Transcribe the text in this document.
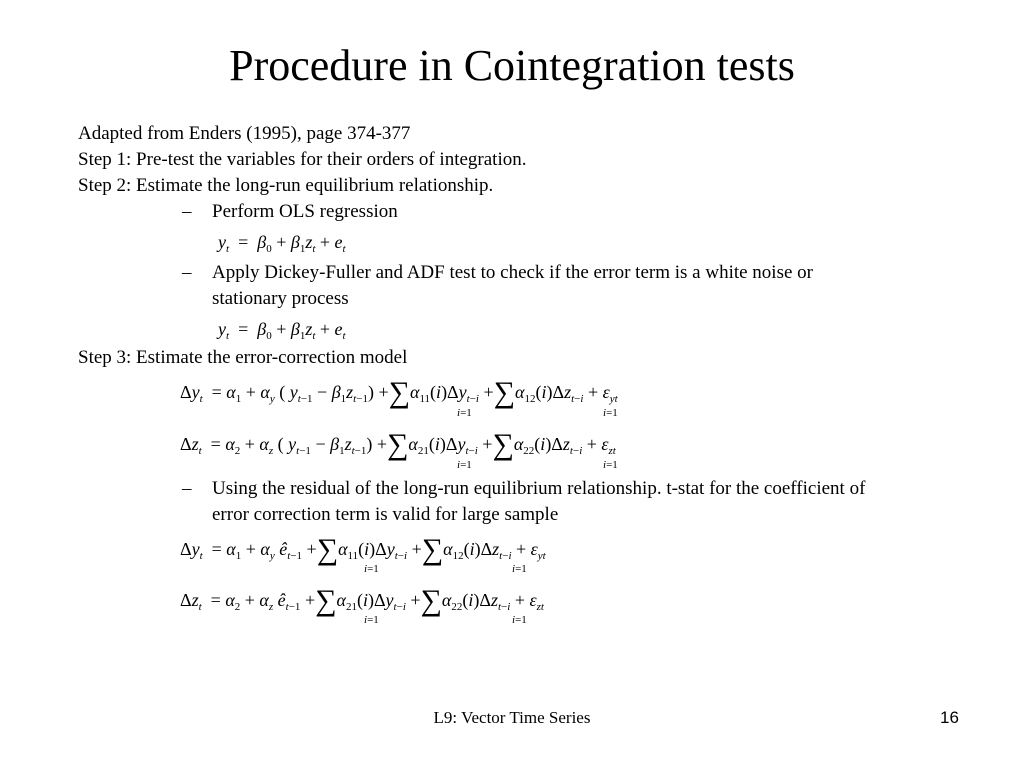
Procedure in Cointegration tests
Adapted from Enders (1995), page 374-377
Step 1: Pre-test the variables for their orders of integration.
Step 2: Estimate the long-run equilibrium relationship.
– Perform OLS regression
$y_t = \beta_0 + \beta_1z_t + e_t$
– Apply Dickey-Fuller and ADF test to check if the error term is a white noise or stationary process
$y_t = \beta_0 + \beta_1z_t + e_t$
Step 3: Estimate the error-correction model
$\Delta y_t = \alpha_1 + \alpha_y$ ( $y_{t-1} - \beta_1z_{t-1}) +\sum\alpha_{11}(i)\Delta y_{t-i} +\sum\alpha_{12}(i)\Delta z_{t-i} + \varepsilon_{yt}$
i=1	i=1
$\Delta z_t = \alpha_2 + \alpha_z$ ( $y_{t-1} - \beta_1z_{t-1}) +\sum\alpha_{21}(i)\Delta y_{t-i} +\sum\alpha_{22}(i)\Delta z_{t-i} + \varepsilon_{zt}$
i=1	i=1
– Using the residual of the long-run equilibrium relationship. t-stat for the coefficient of error correction term is valid for large sample
$\Delta y_t = \alpha_1 + \alpha_y$ $ê_{t-1} +\sum\alpha_{11}(i)\Delta y_{t-i} +\sum\alpha_{12}(i)\Delta z_{t-i} + \varepsilon_{yt}$
i=1	i=1
$\Delta z_t = \alpha_2 + \alpha_z$ $ê_{t-1} +\sum\alpha_{21}(i)\Delta y_{t-i} +\sum\alpha_{22}(i)\Delta z_{t-i} + \varepsilon_{zt}$
i=1	i=1
L9: Vector Time Series	16
